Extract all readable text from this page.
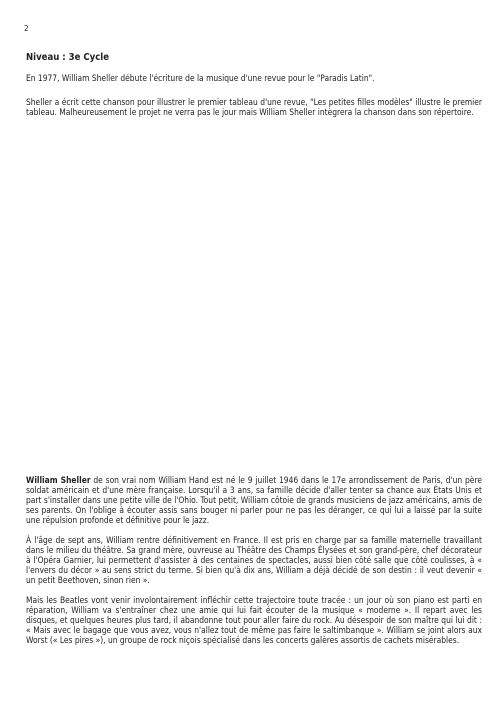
2
Niveau : 3e Cycle

En 1977, William Sheller débute l'écriture de la musique d'une revue pour le "Paradis Latin".

Sheller a écrit cette chanson pour illustrer le premier tableau d'une revue, "Les petites filles modèles" illustre le premier tableau. Malheureusement le projet ne verra pas le jour mais William Sheller intègrera la chanson dans son répertoire.

William Sheller de son vrai nom William Hand est né le 9 juillet 1946 dans le 17e arrondissement de Paris, d'un père soldat américain et d'une mère française. Lorsqu'il a 3 ans, sa famille décide d'aller tenter sa chance aux États Unis et part s'installer dans une petite ville de l'Ohio. Tout petit, William côtoie de grands musiciens de jazz américains, amis de ses parents. On l'oblige à écouter assis sans bouger ni parler pour ne pas les déranger, ce qui lui a laissé par la suite une répulsion profonde et définitive pour le jazz.

À l'âge de sept ans, William rentre définitivement en France. Il est pris en charge par sa famille maternelle travaillant dans le milieu du théâtre. Sa grand mère, ouvreuse au Théâtre des Champs Élysées et son grand-père, chef décorateur à l'Opéra Garnier, lui permettent d'assister à des centaines de spectacles, aussi bien côté salle que côté coulisses, à « l'envers du décor » au sens strict du terme. Si bien qu'à dix ans, William a déjà décidé de son destin : il veut devenir « un petit Beethoven, sinon rien ».

Mais les Beatles vont venir involontairement infléchir cette trajectoire toute tracée : un jour où son piano est parti en réparation, William va s'entraîner chez une amie qui lui fait écouter de la musique « moderne ». Il repart avec les disques, et quelques heures plus tard, il abandonne tout pour aller faire du rock. Au désespoir de son maître qui lui dit : « Mais avec le bagage que vous avez, vous n'allez tout de même pas faire le saltimbanque ». William se joint alors aux Worst (« Les pires »), un groupe de rock niçois spécialisé dans les concerts galères assortis de cachets misérables.
